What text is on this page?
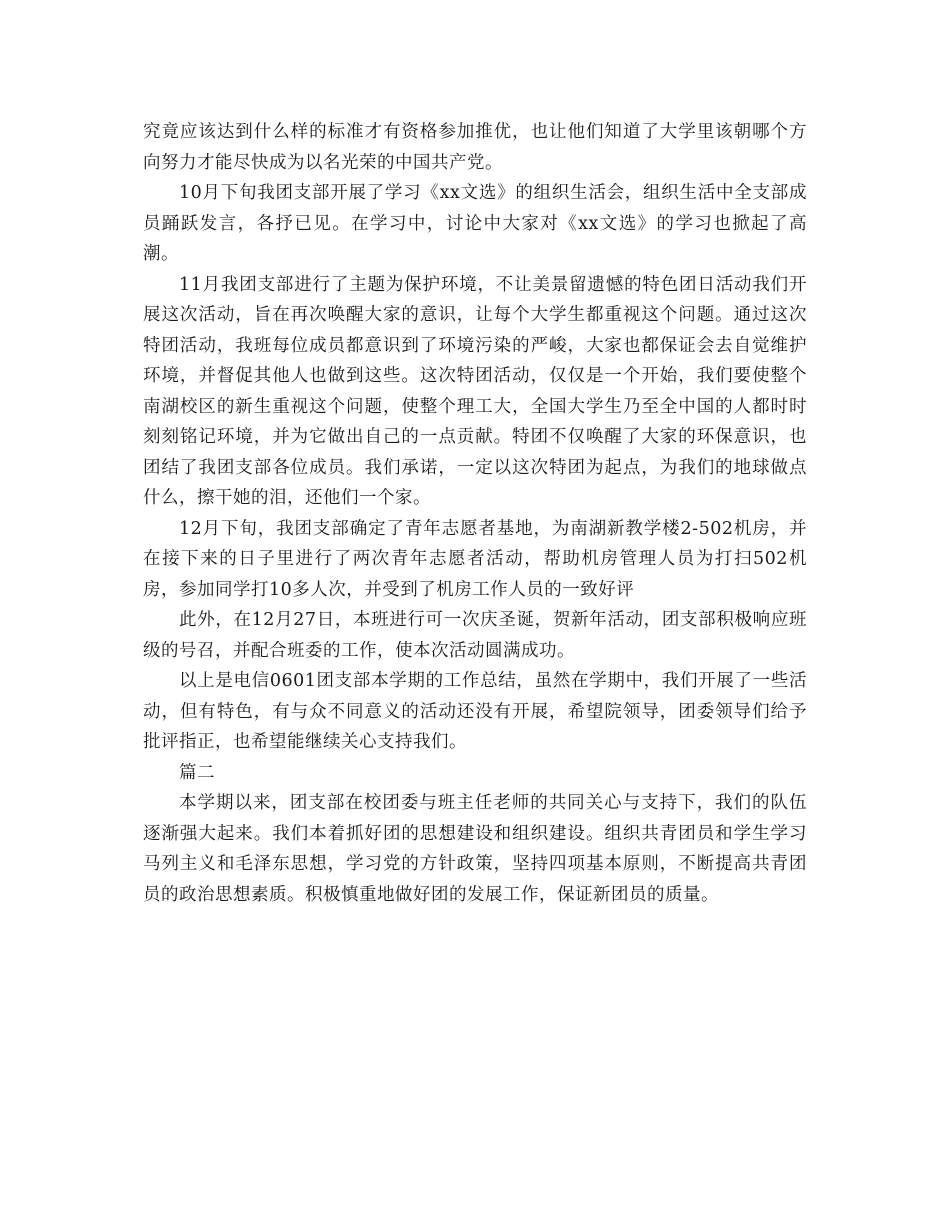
究竟应该达到什么样的标准才有资格参加推优，也让他们知道了大学里该朝哪个方向努力才能尽快成为以名光荣的中国共产党。

10月下旬我团支部开展了学习《xx文选》的组织生活会，组织生活中全支部成员踊跃发言，各抒已见。在学习中，讨论中大家对《xx文选》的学习也掀起了高潮。

11月我团支部进行了主题为保护环境，不让美景留遗憾的特色团日活动我们开展这次活动，旨在再次唤醒大家的意识，让每个大学生都重视这个问题。通过这次特团活动，我班每位成员都意识到了环境污染的严峻，大家也都保证会去自觉维护环境，并督促其他人也做到这些。这次特团活动，仅仅是一个开始，我们要使整个南湖校区的新生重视这个问题，使整个理工大，全国大学生乃至全中国的人都时时刻刻铭记环境，并为它做出自己的一点贡献。特团不仅唤醒了大家的环保意识，也团结了我团支部各位成员。我们承诺，一定以这次特团为起点，为我们的地球做点什么，擦干她的泪，还他们一个家。

12月下旬，我团支部确定了青年志愿者基地，为南湖新教学楼2-502机房，并在接下来的日子里进行了两次青年志愿者活动，帮助机房管理人员为打扫502机房，参加同学打10多人次，并受到了机房工作人员的一致好评

此外，在12月27日，本班进行可一次庆圣诞，贺新年活动，团支部积极响应班级的号召，并配合班委的工作，使本次活动圆满成功。

以上是电信0601团支部本学期的工作总结，虽然在学期中，我们开展了一些活动，但有特色，有与众不同意义的活动还没有开展，希望院领导，团委领导们给予批评指正，也希望能继续关心支持我们。

篇二

本学期以来，团支部在校团委与班主任老师的共同关心与支持下，我们的队伍逐渐强大起来。我们本着抓好团的思想建设和组织建设。组织共青团员和学生学习马列主义和毛泽东思想，学习党的方针政策，坚持四项基本原则，不断提高共青团员的政治思想素质。积极慎重地做好团的发展工作，保证新团员的质量。
